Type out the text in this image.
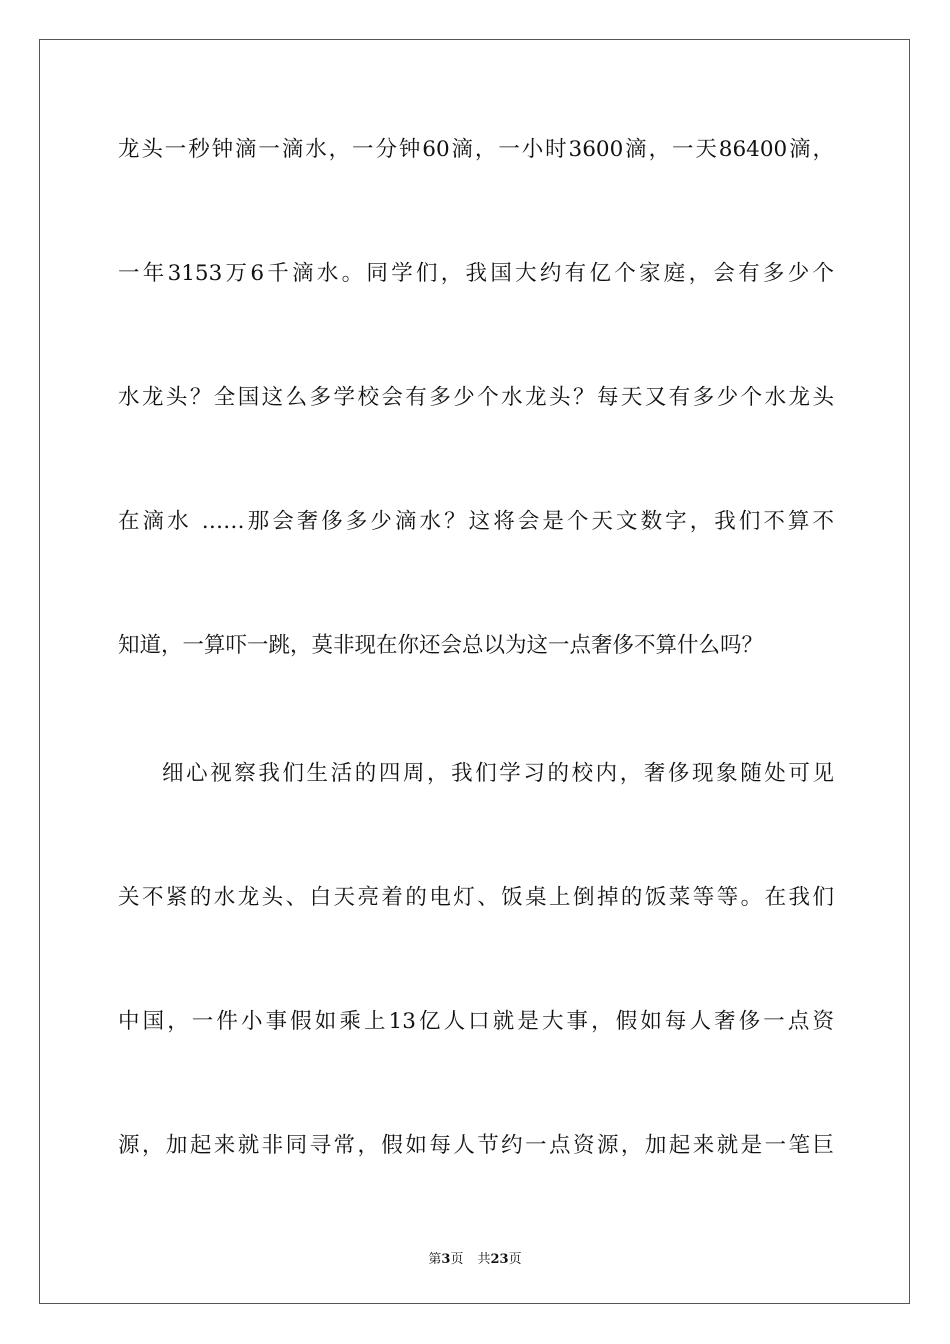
龙头一秒钟滴一滴水，一分钟60滴，一小时3600滴，一天86400滴，
一年3153万6千滴水。同学们，我国大约有亿个家庭，会有多少个
水龙头？全国这么多学校会有多少个水龙头？每天又有多少个水龙头
在滴水 ……那会奢侈多少滴水？这将会是个天文数字，我们不算不
知道，一算吓一跳，莫非现在你还会总以为这一点奢侈不算什么吗？
细心视察我们生活的四周，我们学习的校内，奢侈现象随处可见
关不紧的水龙头、白天亮着的电灯、饭桌上倒掉的饭菜等等。在我们
中国，一件小事假如乘上13亿人口就是大事，假如每人奢侈一点资
源，加起来就非同寻常，假如每人节约一点资源，加起来就是一笔巨
第3页 共23页
